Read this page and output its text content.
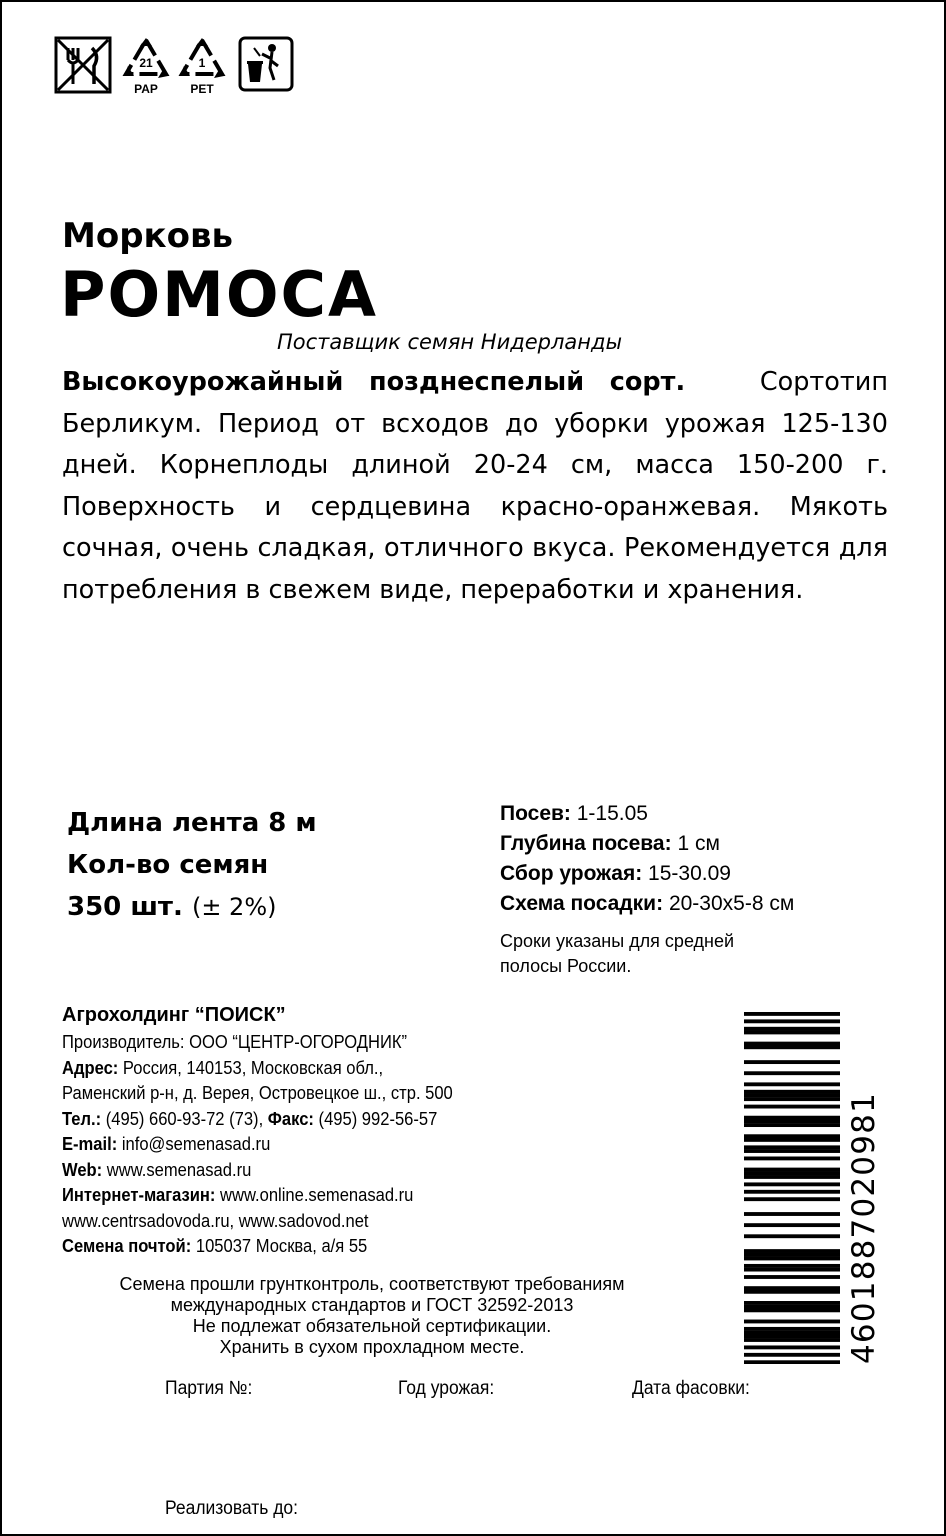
21
PAP
1
PET
Морковь
РОМОСА
Поставщик семян Нидерланды
Высокоурожайный позднеспелый сорт.	Сортотип Берликум. Период от всходов до уборки урожая 125-130 дней. Корнеплоды длиной 20-24 см, масса 150-200 г. Поверхность и сердцевина красно-оранжевая. Мякоть сочная, очень сладкая, отличного вкуса. Рекомендуется для потребления в свежем виде, переработки и хранения.
Длина лента 8 м
Кол-во семян
350 шт. (± 2%)
Посев: 1-15.05
Глубина посева: 1 см
Сбор урожая: 15-30.09
Схема посадки: 20-30х5-8 см
Сроки указаны для средней
полосы России.
Агрохолдинг “ПОИСК”
Производитель: ООО “ЦЕНТР-ОГОРОДНИК”
Адрес: Россия, 140153, Московская обл.,
Раменский р-н, д. Верея, Островецкое ш., стр. 500
Тел.: (495) 660-93-72 (73), Факс: (495) 992-56-57
E-mail: info@semenasad.ru
Web: www.semenasad.ru
Интернет-магазин: www.online.semenasad.ru
www.centrsadovoda.ru, www.sadovod.net
Семена почтой: 105037 Москва, а/я 55
Семена прошли грунтконтроль, соответствуют требованиям
международных стандартов и ГОСТ 32592-2013
Не подлежат обязательной сертификации.
Хранить в сухом прохладном месте.
Партия №:	Год урожая:	Дата фасовки:
Реализовать до:
4601887020981
